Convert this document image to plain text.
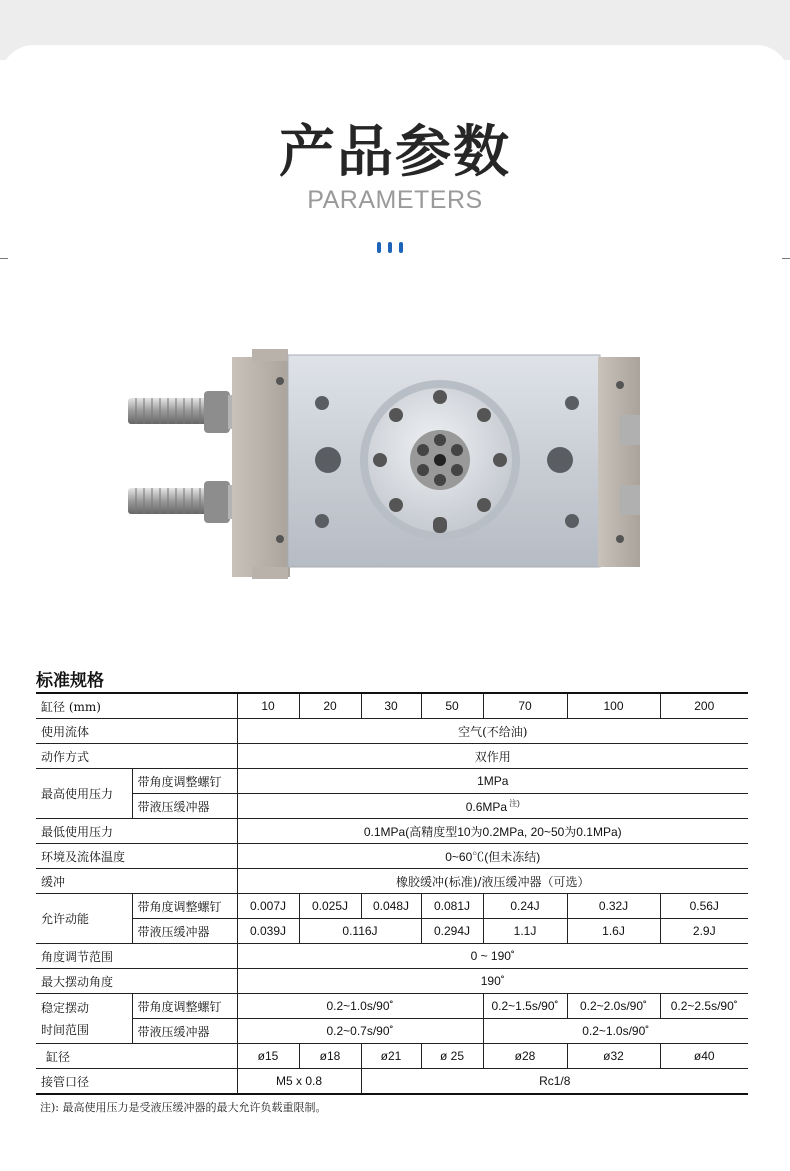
产品参数
PARAMETERS
标准规格
缸径 (mm)		10	20	30	50	70	100	200
使用流体		空气(不给油)						
动作方式		双作用						
最高使用压力	带角度调整螺钉	1MPa						
	带液压缓冲器	0.6MPa $^{注)}$
最低使用压力		0.1MPa(高精度型10为0.2MPa, 20~50为0.1MPa)						
环境及流体温度		0~60℃(但未冻结)						
缓冲		橡胶缓冲(标准)/液压缓冲器（可选）						
允许动能	带角度调整螺钉	0.007J	0.025J	0.048J	0.081J	0.24J	0.32J	0.56J
	带液压缓冲器	0.039J	0.116J		0.294J	1.1J	1.6J	2.9J
角度调节范围		0 ~ 190˚						
最大摆动角度		190˚						
稳定摆动
时间范围	带角度调整螺钉	0.2~1.0s/90˚				0.2~1.5s/90˚	0.2~2.0s/90˚	0.2~2.5s/90˚
	带液压缓冲器	0.2~0.7s/90˚				0.2~1.0s/90˚		
缸径		ø15	ø18	ø21	ø 25	ø28	ø32	ø40
接管口径		M5 x 0.8		Rc1/8				
注): 最高使用压力是受液压缓冲器的最大允许负载重限制。
